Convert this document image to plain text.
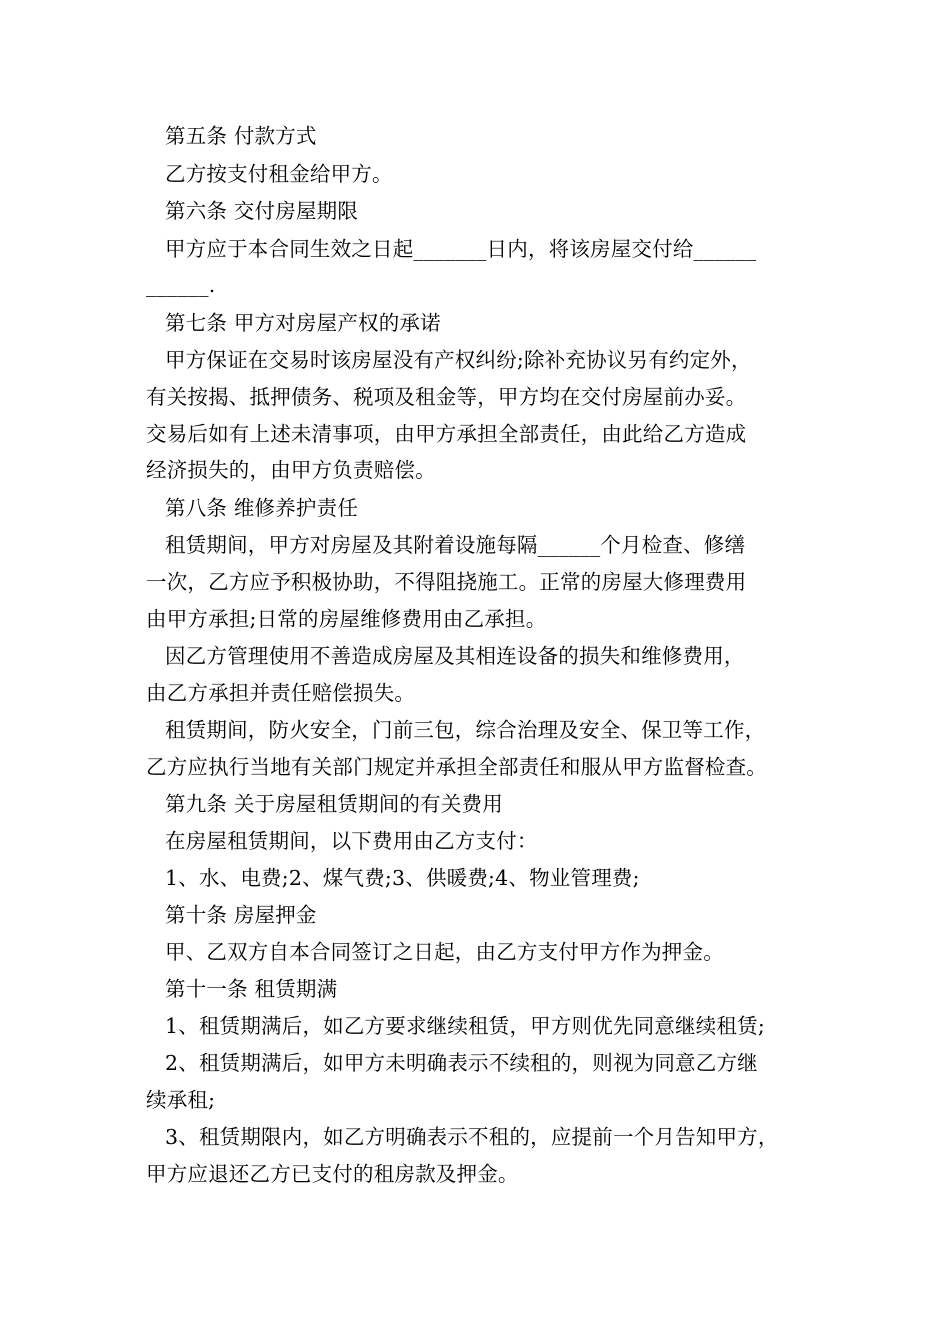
第五条 付款方式

乙方按支付租金给甲方。

第六条 交付房屋期限

甲方应于本合同生效之日起_______日内，将该房屋交付给______

______.

第七条 甲方对房屋产权的承诺

甲方保证在交易时该房屋没有产权纠纷;除补充协议另有约定外，

有关按揭、抵押债务、税项及租金等，甲方均在交付房屋前办妥。

交易后如有上述未清事项，由甲方承担全部责任，由此给乙方造成

经济损失的，由甲方负责赔偿。

第八条 维修养护责任

租赁期间，甲方对房屋及其附着设施每隔______个月检查、修缮

一次，乙方应予积极协助，不得阻挠施工。正常的房屋大修理费用

由甲方承担;日常的房屋维修费用由乙承担。

因乙方管理使用不善造成房屋及其相连设备的损失和维修费用，

由乙方承担并责任赔偿损失。

租赁期间，防火安全，门前三包，综合治理及安全、保卫等工作，

乙方应执行当地有关部门规定并承担全部责任和服从甲方监督检查。

第九条 关于房屋租赁期间的有关费用

在房屋租赁期间，以下费用由乙方支付：

1、水、电费;2、煤气费;3、供暖费;4、物业管理费;

第十条 房屋押金

甲、乙双方自本合同签订之日起，由乙方支付甲方作为押金。

第十一条 租赁期满

1、租赁期满后，如乙方要求继续租赁，甲方则优先同意继续租赁;

2、租赁期满后，如甲方未明确表示不续租的，则视为同意乙方继

续承租;

3、租赁期限内，如乙方明确表示不租的，应提前一个月告知甲方，

甲方应退还乙方已支付的租房款及押金。
